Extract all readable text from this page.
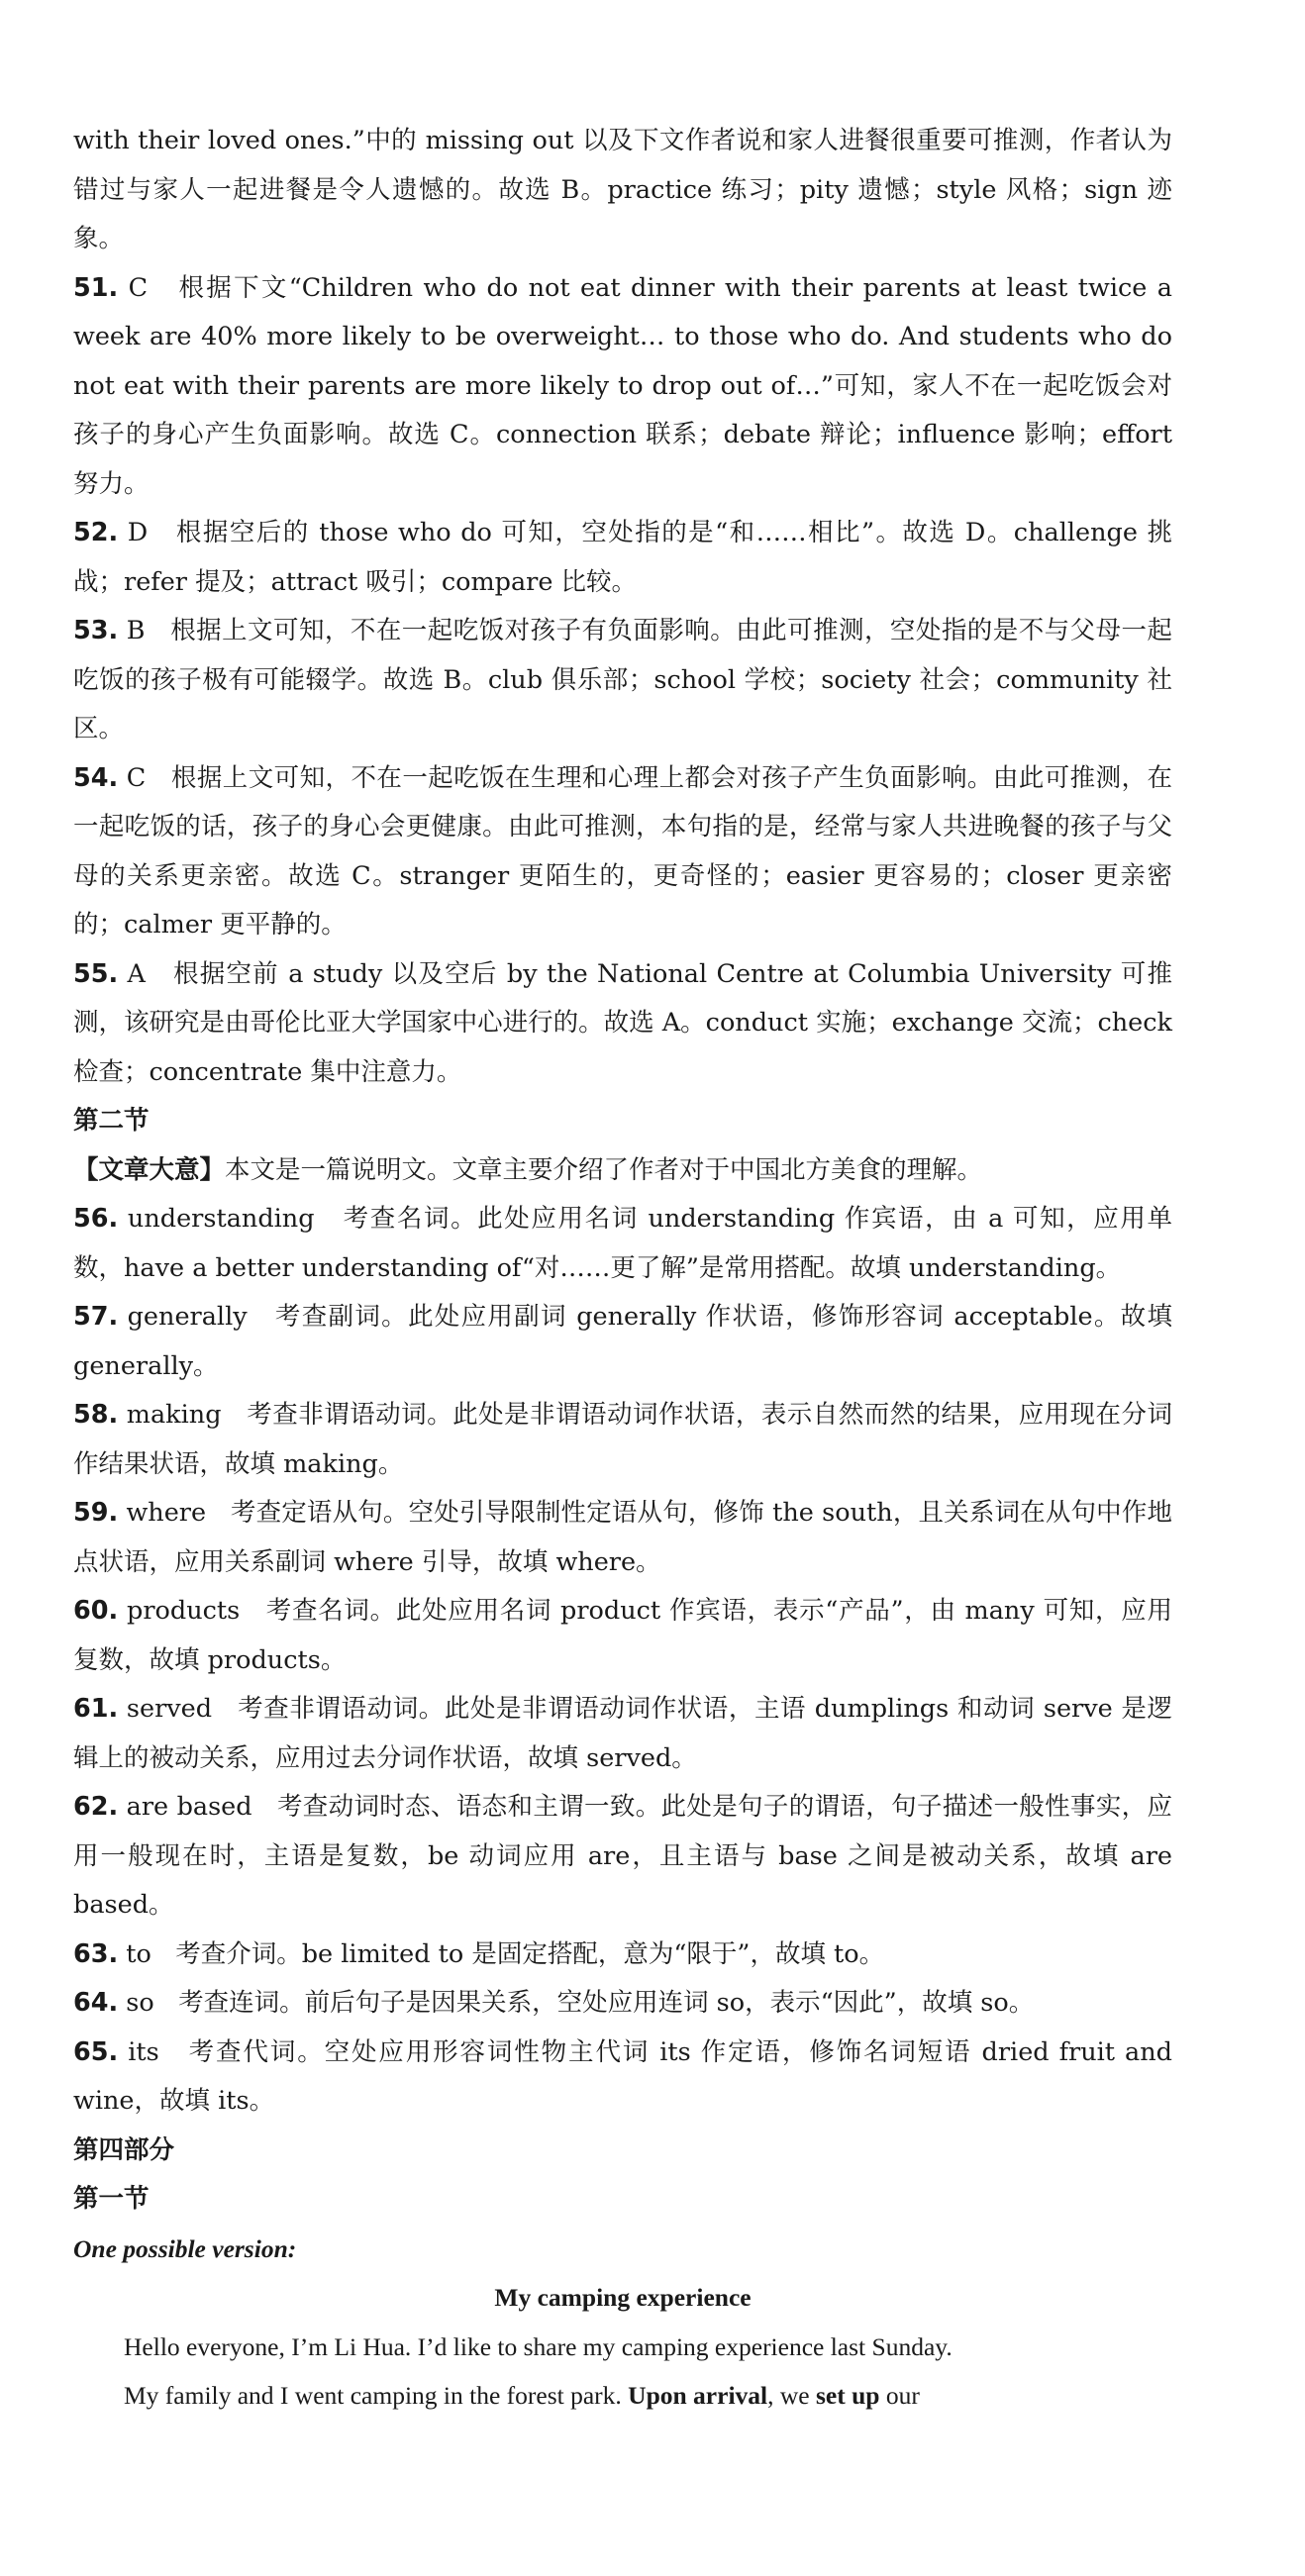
with their loved ones.”中的 missing out 以及下文作者说和家人进餐很重要可推测，作者认为错过与家人一起进餐是令人遗憾的。故选 B。practice 练习；pity 遗憾；style 风格；sign 迹象。

51. C 根据下文“Children who do not eat dinner with their parents at least twice a week are 40% more likely to be overweight… to those who do. And students who do not eat with their parents are more likely to drop out of…”可知，家人不在一起吃饭会对孩子的身心产生负面影响。故选 C。connection 联系；debate 辩论；influence 影响；effort 努力。

52. D 根据空后的 those who do 可知，空处指的是“和……相比”。故选 D。challenge 挑战；refer 提及；attract 吸引；compare 比较。

53. B 根据上文可知，不在一起吃饭对孩子有负面影响。由此可推测，空处指的是不与父母一起吃饭的孩子极有可能辍学。故选 B。club 俱乐部；school 学校；society 社会；community 社区。

54. C 根据上文可知，不在一起吃饭在生理和心理上都会对孩子产生负面影响。由此可推测，在一起吃饭的话，孩子的身心会更健康。由此可推测，本句指的是，经常与家人共进晚餐的孩子与父母的关系更亲密。故选 C。stranger 更陌生的，更奇怪的；easier 更容易的；closer 更亲密的；calmer 更平静的。

55. A 根据空前 a study 以及空后 by the National Centre at Columbia University 可推测，该研究是由哥伦比亚大学国家中心进行的。故选 A。conduct 实施；exchange 交流；check 检查；concentrate 集中注意力。

第二节

【文章大意】本文是一篇说明文。文章主要介绍了作者对于中国北方美食的理解。

56. understanding 考查名词。此处应用名词 understanding 作宾语，由 a 可知，应用单数，have a better understanding of“对……更了解”是常用搭配。故填 understanding。

57. generally 考查副词。此处应用副词 generally 作状语，修饰形容词 acceptable。故填 generally。

58. making 考查非谓语动词。此处是非谓语动词作状语，表示自然而然的结果，应用现在分词作结果状语，故填 making。

59. where 考查定语从句。空处引导限制性定语从句，修饰 the south，且关系词在从句中作地点状语，应用关系副词 where 引导，故填 where。

60. products 考查名词。此处应用名词 product 作宾语，表示“产品”，由 many 可知，应用复数，故填 products。

61. served 考查非谓语动词。此处是非谓语动词作状语，主语 dumplings 和动词 serve 是逻辑上的被动关系，应用过去分词作状语，故填 served。

62. are based 考查动词时态、语态和主谓一致。此处是句子的谓语，句子描述一般性事实，应用一般现在时，主语是复数，be 动词应用 are，且主语与 base 之间是被动关系，故填 are based。

63. to 考查介词。be limited to 是固定搭配，意为“限于”，故填 to。

64. so 考查连词。前后句子是因果关系，空处应用连词 so，表示“因此”，故填 so。

65. its 考查代词。空处应用形容词性物主代词 its 作定语，修饰名词短语 dried fruit and wine，故填 its。

第四部分

第一节

One possible version:

My camping experience

Hello everyone, I’m Li Hua. I’d like to share my camping experience last Sunday.

My family and I went camping in the forest park. Upon arrival, we set up our
